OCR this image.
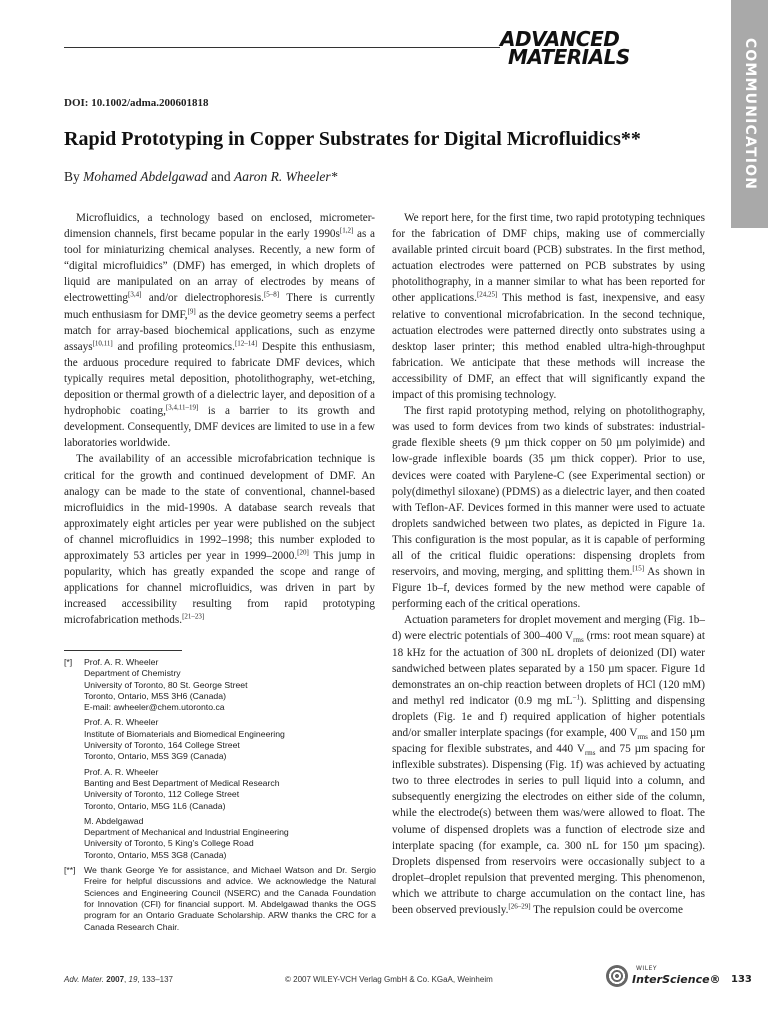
ADVANCED
MATERIALS	COMMUNICATION
DOI: 10.1002/adma.200601818
Rapid Prototyping in Copper Substrates for Digital Microfluidics**
By Mohamed Abdelgawad and Aaron R. Wheeler*

Microfluidics, a technology based on enclosed, micrometer-dimension channels, first became popular in the early 1990s[1,2] as a tool for miniaturizing chemical analyses. Recently, a new form of “digital microfluidics” (DMF) has emerged, in which droplets of liquid are manipulated on an array of electrodes by means of electrowetting[3,4] and/or dielectrophoresis.[5–8] There is currently much enthusiasm for DMF,[9] as the device geometry seems a perfect match for array-based biochemical applications, such as enzyme assays[10,11] and profiling proteomics.[12–14] Despite this enthusiasm, the arduous procedure required to fabricate DMF devices, which typically requires metal deposition, photolithography, wet-etching, deposition or thermal growth of a dielectric layer, and deposition of a hydrophobic coating,[3,4,11–19] is a barrier to its growth and development. Consequently, DMF devices are limited to use in a few laboratories worldwide.

The availability of an accessible microfabrication technique is critical for the growth and continued development of DMF. An analogy can be made to the state of conventional, channel-based microfluidics in the mid-1990s. A database search reveals that approximately eight articles per year were published on the subject of channel microfluidics in 1992–1998; this number exploded to approximately 53 articles per year in 1999–2000.[20] This jump in popularity, which has greatly expanded the scope and range of applications for channel microfluidics, was driven in part by increased accessibility resulting from rapid prototyping microfabrication methods.[21–23]

We report here, for the first time, two rapid prototyping techniques for the fabrication of DMF chips, making use of commercially available printed circuit board (PCB) substrates. In the first method, actuation electrodes were patterned on PCB substrates by using photolithography, in a manner similar to what has been reported for other applications.[24,25] This method is fast, inexpensive, and easy relative to conventional microfabrication. In the second technique, actuation electrodes were patterned directly onto substrates using a desktop laser printer; this method enabled ultra-high-throughput fabrication. We anticipate that these methods will increase the accessibility of DMF, an effect that will significantly expand the impact of this promising technology.

The first rapid prototyping method, relying on photolithography, was used to form devices from two kinds of substrates: industrial-grade flexible sheets (9 µm thick copper on 50 µm polyimide) and low-grade inflexible boards (35 µm thick copper). Prior to use, devices were coated with Parylene-C (see Experimental section) or poly(dimethyl siloxane) (PDMS) as a dielectric layer, and then coated with Teflon-AF. Devices formed in this manner were used to actuate droplets sandwiched between two plates, as depicted in Figure 1a. This configuration is the most popular, as it is capable of performing all of the critical fluidic operations: dispensing droplets from reservoirs, and moving, merging, and splitting them.[15] As shown in Figure 1b–f, devices formed by the new method were capable of performing each of the critical operations.

Actuation parameters for droplet movement and merging (Fig. 1b–d) were electric potentials of 300–400 $V_{rms}$ (rms: root mean square) at 18 kHz for the actuation of 300 nL droplets of deionized (DI) water sandwiched between plates separated by a 150 µm spacer. Figure 1d demonstrates an on-chip reaction between droplets of HCl (120 mM) and methyl red indicator (0.9 mg $mL^{-1}$). Splitting and dispensing droplets (Fig. 1e and f) required application of higher potentials and/or smaller interplate spacings (for example, 400 $V_{rms}$ and 150 µm spacing for flexible substrates, and 440 $V_{rms}$ and 75 µm spacing for inflexible substrates). Dispensing (Fig. 1f) was achieved by actuating two to three electrodes in series to pull liquid into a column, and subsequently energizing the electrodes on either side of the column, while the electrode(s) between them was/were allowed to float. The volume of dispensed droplets was a function of electrode size and interplate spacing (for example, ca. 300 nL for 150 µm spacing). Droplets dispensed from reservoirs were occasionally subject to a droplet–droplet repulsion that prevented merging. This phenomenon, which we attribute to charge accumulation on the contact line, has been observed previously.[26–29] The repulsion could be overcome

[*]	Prof. A. R. Wheeler
Department of Chemistry
University of Toronto, 80 St. George Street
Toronto, Ontario, M5S 3H6 (Canada)
E-mail: awheeler@chem.utoronto.ca
Prof. A. R. Wheeler
Institute of Biomaterials and Biomedical Engineering
University of Toronto, 164 College Street
Toronto, Ontario, M5S 3G9 (Canada)
Prof. A. R. Wheeler
Banting and Best Department of Medical Research
University of Toronto, 112 College Street
Toronto, Ontario, M5G 1L6 (Canada)
M. Abdelgawad
Department of Mechanical and Industrial Engineering
University of Toronto, 5 King’s College Road
Toronto, Ontario, M5S 3G8 (Canada)
[**] We thank George Ye for assistance, and Michael Watson and Dr. Sergio Freire for helpful discussions and advice. We acknowledge the Natural Sciences and Engineering Council (NSERC) and the Canada Foundation for Innovation (CFI) for financial support. M. Abdelgawad thanks the OGS program for an Ontario Graduate Scholarship. ARW thanks the CRC for a Canada Research Chair.
Adv. Mater. 2007, 19, 133–137	© 2007 WILEY-VCH Verlag GmbH & Co. KGaA, Weinheim
WILEY
InterScience® 133
